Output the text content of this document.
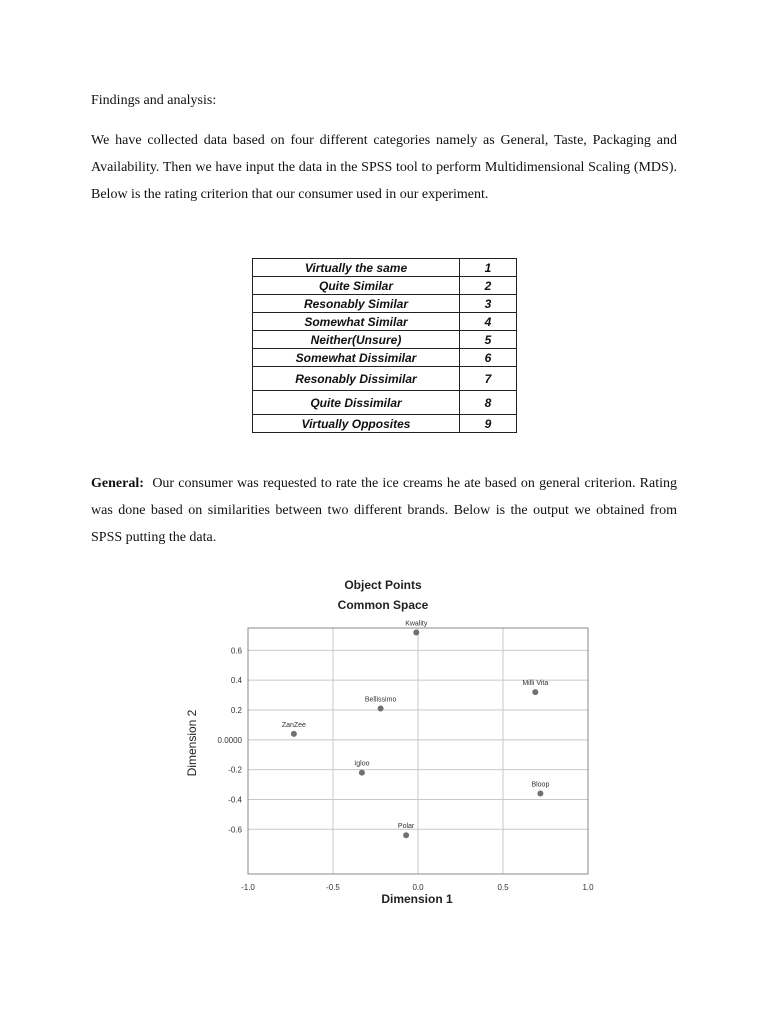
Findings and analysis:
We have collected data based on four different categories namely as General, Taste, Packaging and Availability. Then we have input the data in the SPSS tool to perform Multidimensional Scaling (MDS). Below is the rating criterion that our consumer used in our experiment.
Virtually the same	1
Quite Similar	2
Resonably Similar	3
Somewhat Similar	4
Neither(Unsure)	5
Somewhat Dissimilar	6
Resonably Dissimilar	7
Quite Dissimilar	8
Virtually Opposites	9
General: Our consumer was requested to rate the ice creams he ate based on general criterion. Rating was done based on similarities between two different brands. Below is the output we obtained from SPSS putting the data.
Object Points
Common Space
-1.0	-0.5	0.0	0.5	1.0
0.6
0.4
0.2
0.0000
-0.2
-0.4
-0.6
Kwality
Milli Vita
Bellissimo
ZanZee
Igloo
Bloop
Polar
Dimension 1
Dimension 2
